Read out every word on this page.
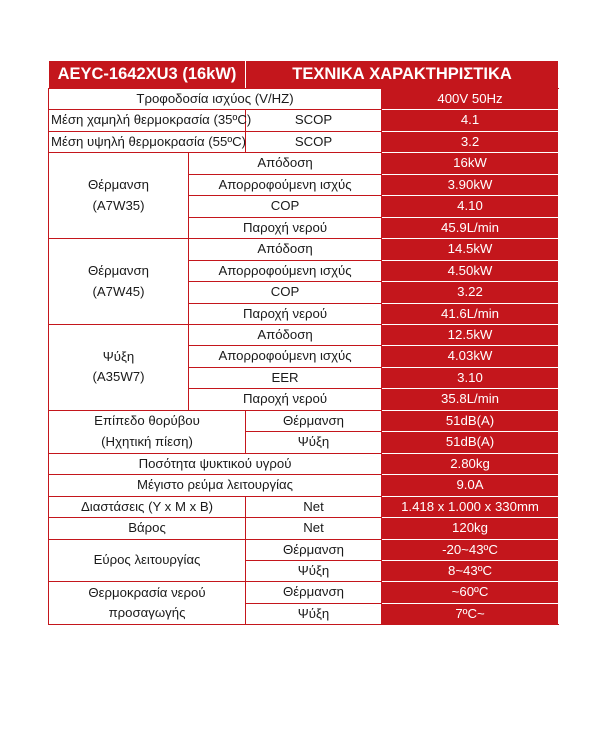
AEYC-1642XU3 (16kW)		ΤΕΧΝΙΚΑ ΧΑΡΑΚΤΗΡΙΣΤΙΚΑ	
Τροφοδοσία ισχύος (V/HZ)			400V 50Hz
Μέση χαμηλή θερμοκρασία (35ºC)		SCOP	4.1
Μέση υψηλή θερμοκρασία (55ºC)		SCOP	3.2
Θέρμανση
(A7W35)	Απόδοση		16kW
	Απορροφούμενη ισχύς		3.90kW
	COP		4.10
	Παροχή νερού		45.9L/min
Θέρμανση
(A7W45)	Απόδοση		14.5kW
	Απορροφούμενη ισχύς		4.50kW
	COP		3.22
	Παροχή νερού		41.6L/min
Ψύξη
(A35W7)	Απόδοση		12.5kW
	Απορροφούμενη ισχύς		4.03kW
	EER		3.10
	Παροχή νερού		35.8L/min
Επίπεδο θορύβου
(Ηχητική πίεση)		Θέρμανση	51dB(A)
		Ψύξη	51dB(A)
Ποσότητα ψυκτικού υγρού			2.80kg
Μέγιστο ρεύμα λειτουργίας			9.0A
Διαστάσεις (Y x M x B)		Net	1.418 x 1.000 x 330mm
Βάρος		Net	120kg
Εύρος λειτουργίας		Θέρμανση	-20~43ºC
		Ψύξη	8~43ºC
Θερμοκρασία νερού
προσαγωγής		Θέρμανση	~60ºC
		Ψύξη	7ºC~
